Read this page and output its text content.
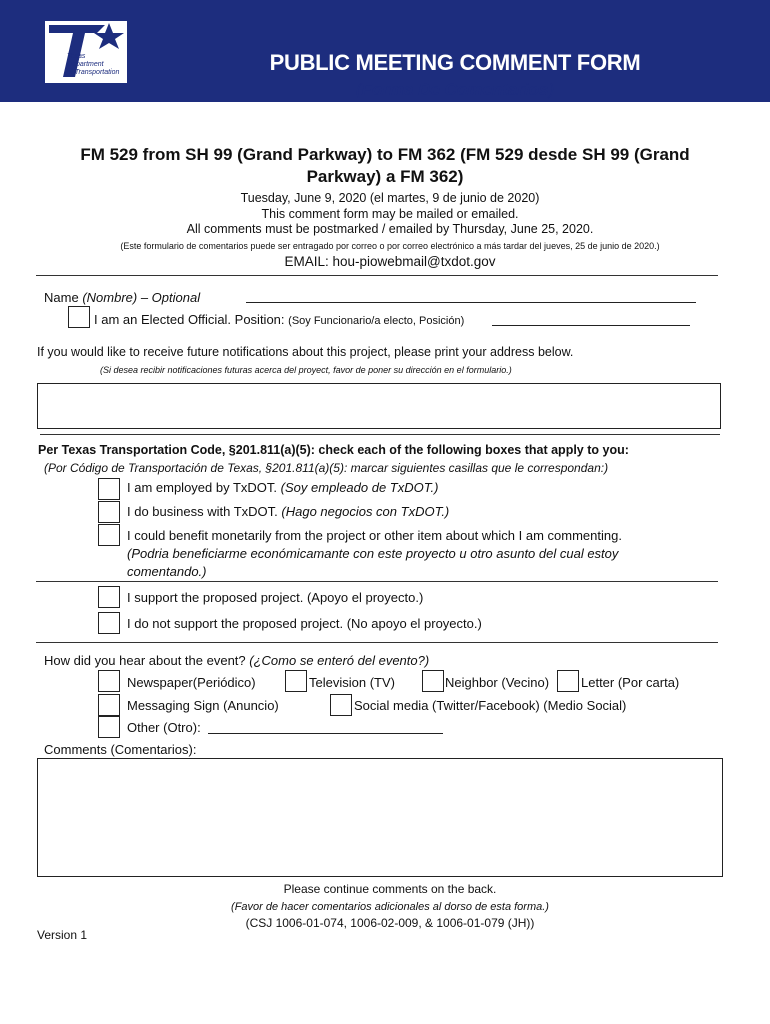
Texas
Department
of Transportation
®
PUBLIC MEETING COMMENT FORM
(Forma De Comentarios)
FM 529 from SH 99 (Grand Parkway) to FM 362 (FM 529 desde SH 99 (Grand Parkway) a FM 362)
Tuesday, June 9, 2020 (el martes, 9 de junio de 2020)
This comment form may be mailed or emailed.
All comments must be postmarked / emailed by Thursday, June 25, 2020.
(Este formulario de comentarios puede ser entragado por correo o por correo electrónico a más tardar del jueves, 25 de junio de 2020.)
EMAIL: hou-piowebmail@txdot.gov
Name (Nombre) – Optional
I am an Elected Official. Position: (Soy Funcionario/a electo, Posición)
If you would like to receive future notifications about this project, please print your address below.
(Si desea recibir notificaciones futuras acerca del proyect, favor de poner su dirección en el formulario.)
Per Texas Transportation Code, §201.811(a)(5): check each of the following boxes that apply to you:
(Por Código de Transportación de Texas, §201.811(a)(5): marcar siguientes casillas que le correspondan:)
I am employed by TxDOT. (Soy empleado de TxDOT.)
I do business with TxDOT. (Hago negocios con TxDOT.)
I could benefit monetarily from the project or other item about which I am commenting.
(Podria beneficiarme económicamante con este proyecto u otro asunto del cual estoy
comentando.)
I support the proposed project. (Apoyo el proyecto.)
I do not support the proposed project. (No apoyo el proyecto.)
How did you hear about the event? (¿Como se enteró del evento?)
Newspaper(Periódico)	Television (TV)	Neighbor (Vecino) Letter (Por carta)
Messaging Sign (Anuncio)	Social media (Twitter/Facebook) (Medio Social)
Other (Otro):
Comments (Comentarios):
Please continue comments on the back.
(Favor de hacer comentarios adicionales al dorso de esta forma.)
(CSJ 1006-01-074, 1006-02-009, & 1006-01-079 (JH))
Version 1
